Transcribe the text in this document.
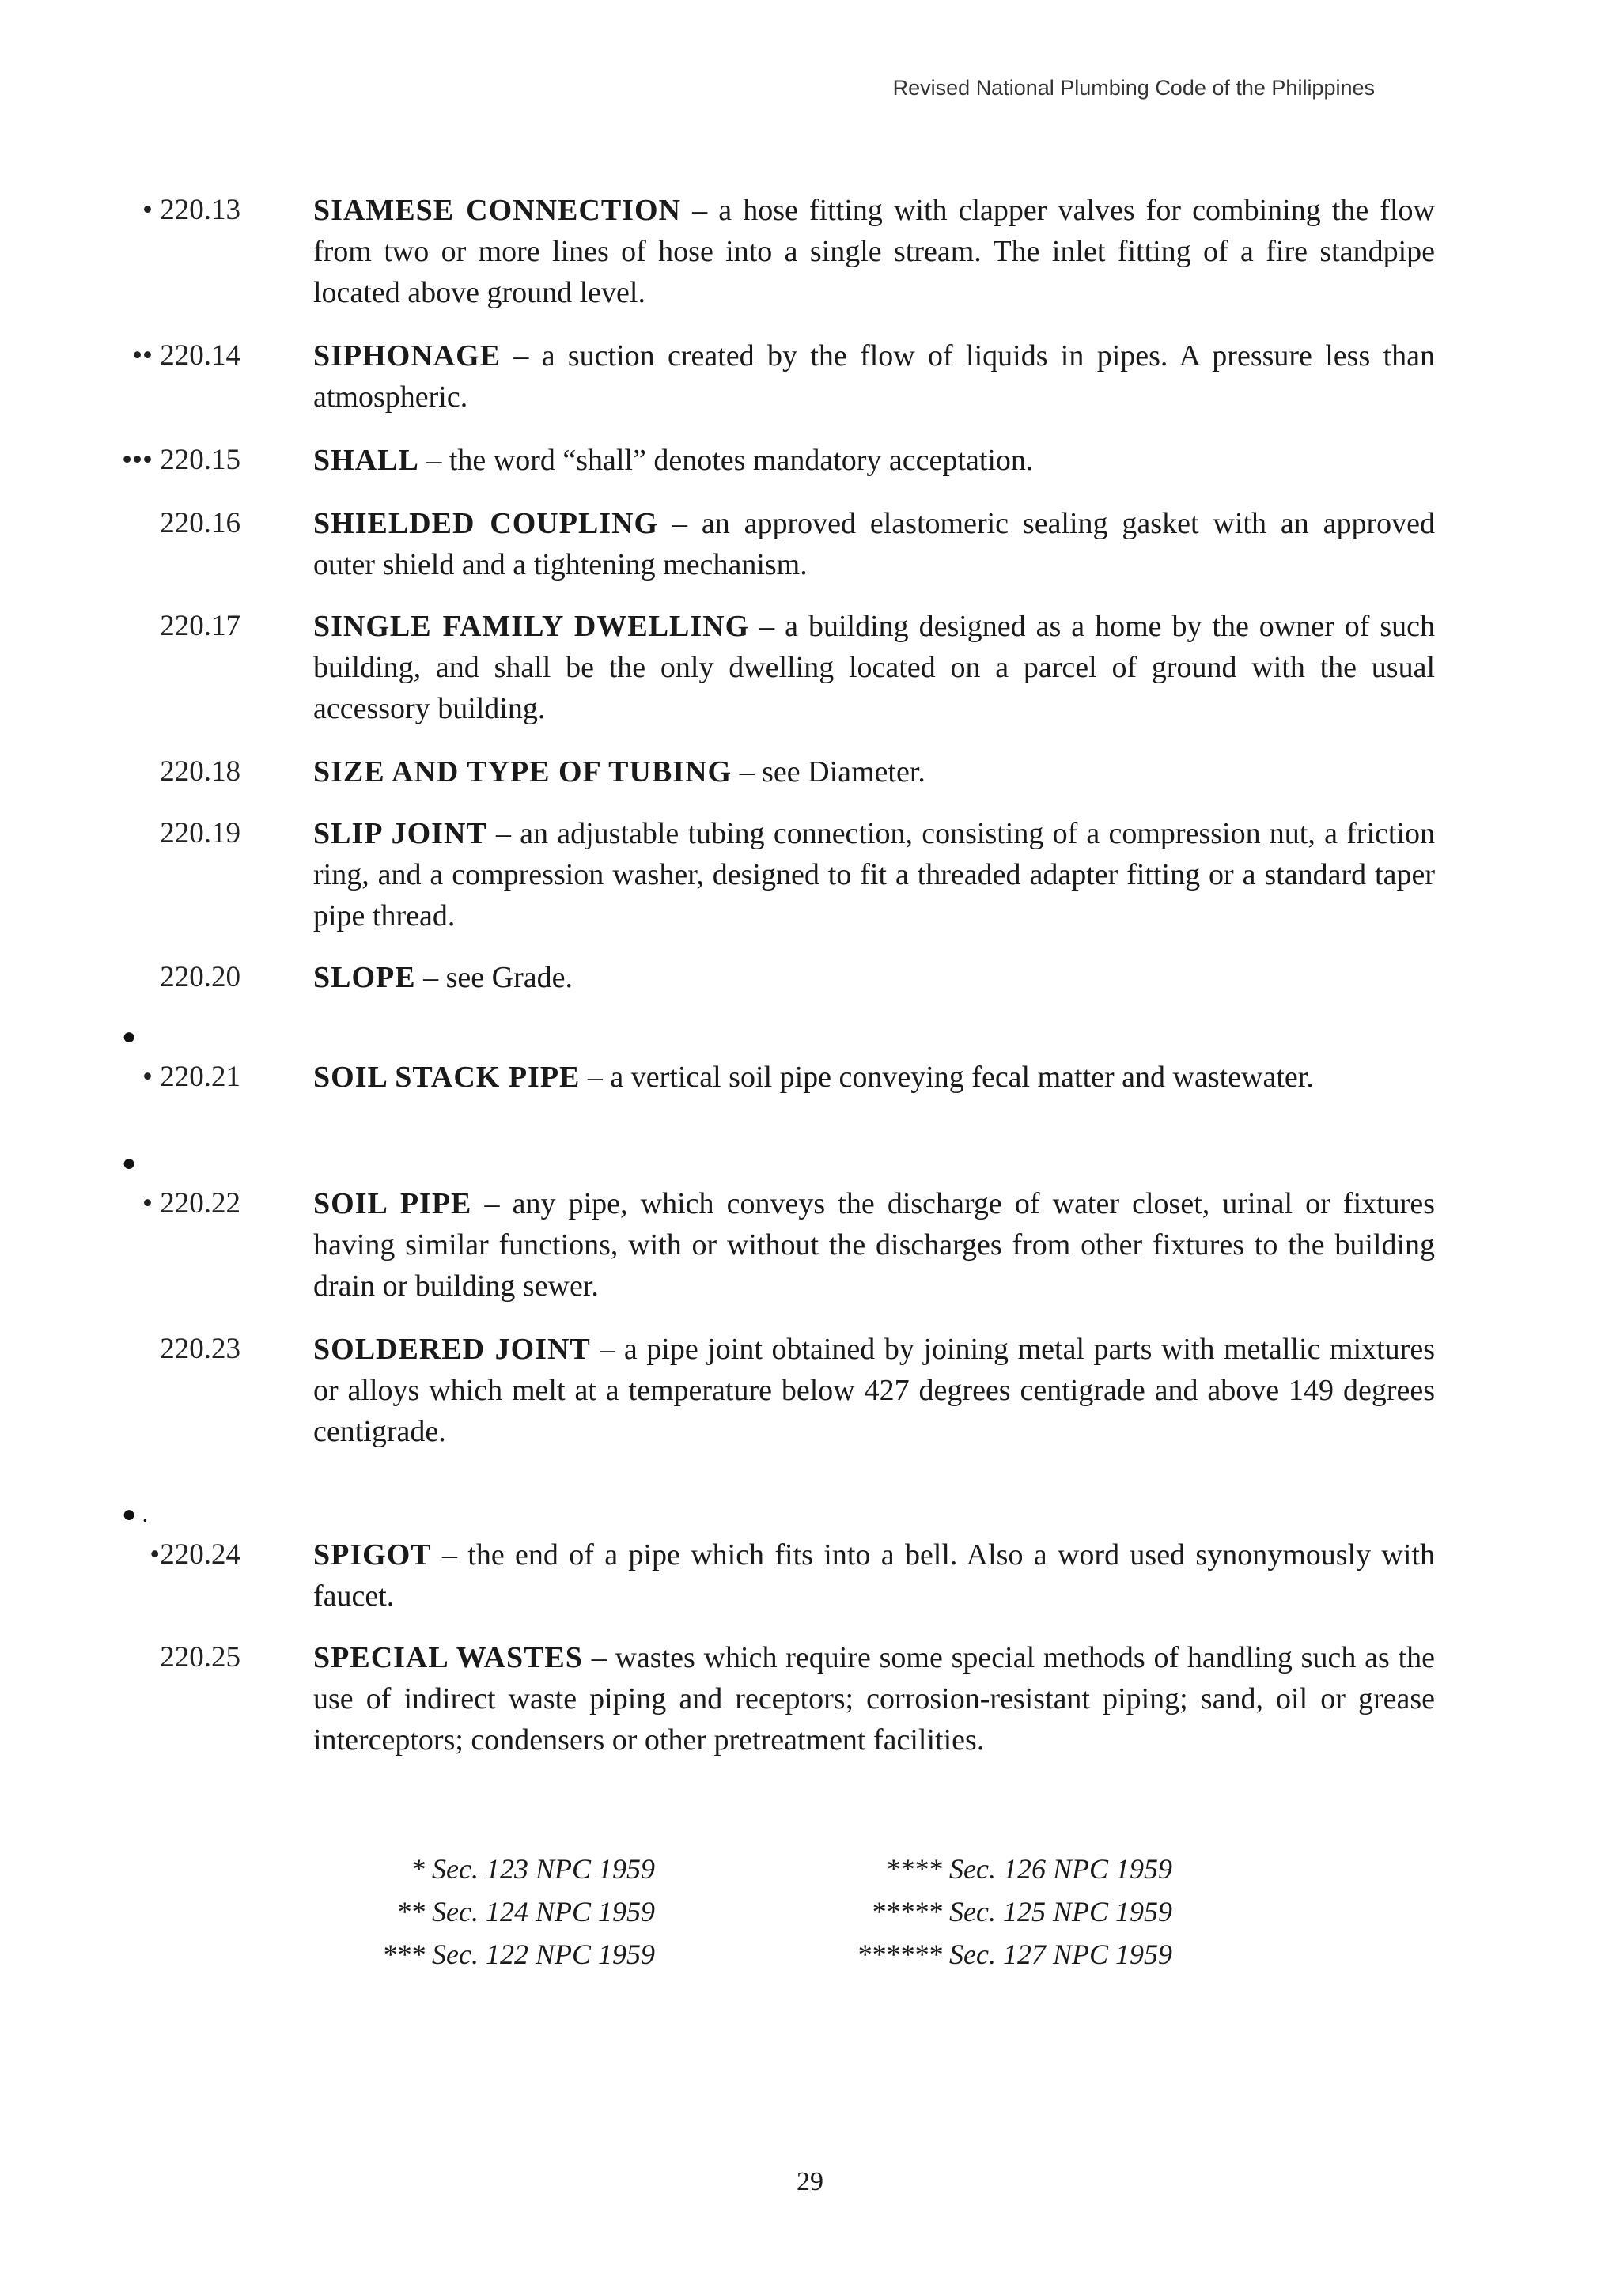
Revised National Plumbing Code of the Philippines
• 220.13 SIAMESE CONNECTION – a hose fitting with clapper valves for combining the flow from two or more lines of hose into a single stream. The inlet fitting of a fire standpipe located above ground level.
•• 220.14 SIPHONAGE – a suction created by the flow of liquids in pipes. A pressure less than atmospheric.
••• 220.15 SHALL – the word “shall” denotes mandatory acceptation.
220.16 SHIELDED COUPLING – an approved elastomeric sealing gasket with an approved outer shield and a tightening mechanism.
220.17 SINGLE FAMILY DWELLING – a building designed as a home by the owner of such building, and shall be the only dwelling located on a parcel of ground with the usual accessory building.
220.18 SIZE AND TYPE OF TUBING – see Diameter.
220.19 SLIP JOINT – an adjustable tubing connection, consisting of a compression nut, a friction ring, and a compression washer, designed to fit a threaded adapter fitting or a standard taper pipe thread.
220.20 SLOPE – see Grade.
●
• 220.21 SOIL STACK PIPE – a vertical soil pipe conveying fecal matter and wastewater.
●
• 220.22 SOIL PIPE – any pipe, which conveys the discharge of water closet, urinal or fixtures having similar functions, with or without the discharges from other fixtures to the building drain or building sewer.
220.23 SOLDERED JOINT – a pipe joint obtained by joining metal parts with metallic mixtures or alloys which melt at a temperature below 427 degrees centigrade and above 149 degrees centigrade.
● .
•220.24 SPIGOT – the end of a pipe which fits into a bell. Also a word used synonymously with faucet.
220.25 SPECIAL WASTES – wastes which require some special methods of handling such as the use of indirect waste piping and receptors; corrosion-resistant piping; sand, oil or grease interceptors; condensers or other pretreatment facilities.
* Sec. 123 NPC 1959
** Sec. 124 NPC 1959
*** Sec. 122 NPC 1959
**** Sec. 126 NPC 1959
***** Sec. 125 NPC 1959
****** Sec. 127 NPC 1959
29
